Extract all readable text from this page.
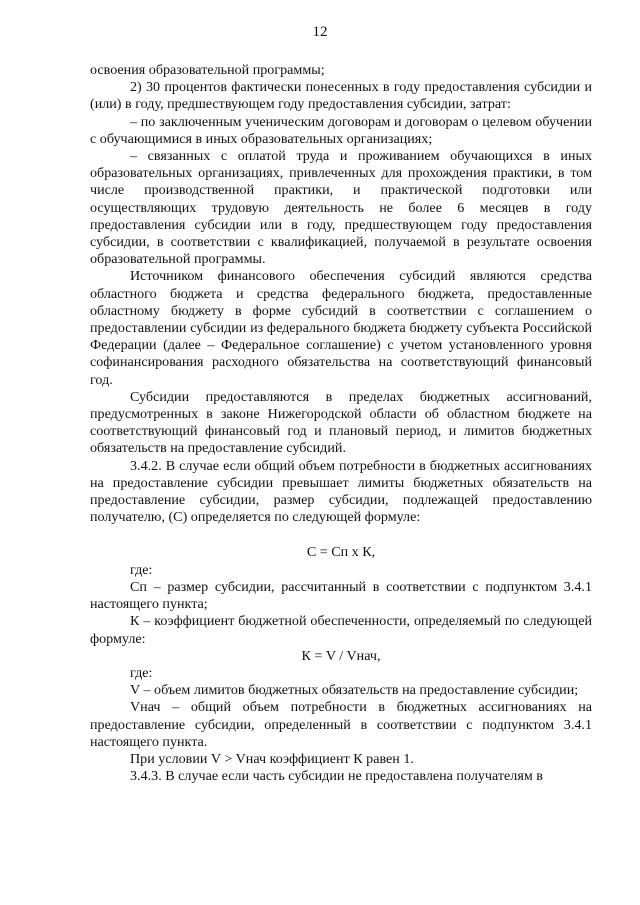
12

освоения образовательной программы;

2) 30 процентов фактически понесенных в году предоставления субсидии и (или) в году, предшествующем году предоставления субсидии, затрат:

– по заключенным ученическим договорам и договорам о целевом обучении с обучающимися в иных образовательных организациях;

– связанных с оплатой труда и проживанием обучающихся в иных образовательных организациях, привлеченных для прохождения практики, в том числе производственной практики, и практической подготовки или осуществляющих трудовую деятельность не более 6 месяцев в году предоставления субсидии или в году, предшествующем году предоставления субсидии, в соответствии с квалификацией, получаемой в результате освоения образовательной программы.

Источником финансового обеспечения субсидий являются средства областного бюджета и средства федерального бюджета, предоставленные областному бюджету в форме субсидий в соответствии с соглашением о предоставлении субсидии из федерального бюджета бюджету субъекта Российской Федерации (далее – Федеральное соглашение) с учетом установленного уровня софинансирования расходного обязательства на соответствующий финансовый год.

Субсидии предоставляются в пределах бюджетных ассигнований, предусмотренных в законе Нижегородской области об областном бюджете на соответствующий финансовый год и плановый период, и лимитов бюджетных обязательств на предоставление субсидий.

3.4.2. В случае если общий объем потребности в бюджетных ассигнованиях на предоставление субсидии превышает лимиты бюджетных обязательств на предоставление субсидии, размер субсидии, подлежащей предоставлению получателю, (С) определяется по следующей формуле:

С = Сп х К,

где:

Сп – размер субсидии, рассчитанный в соответствии с подпунктом 3.4.1 настоящего пункта;

К – коэффициент бюджетной обеспеченности, определяемый по следующей формуле:

К = V / Vнач,

где:

V – объем лимитов бюджетных обязательств на предоставление субсидии;

Vнач – общий объем потребности в бюджетных ассигнованиях на предоставление субсидии, определенный в соответствии с подпунктом 3.4.1 настоящего пункта.

При условии V > Vнач коэффициент К равен 1.

3.4.3. В случае если часть субсидии не предоставлена получателям в
